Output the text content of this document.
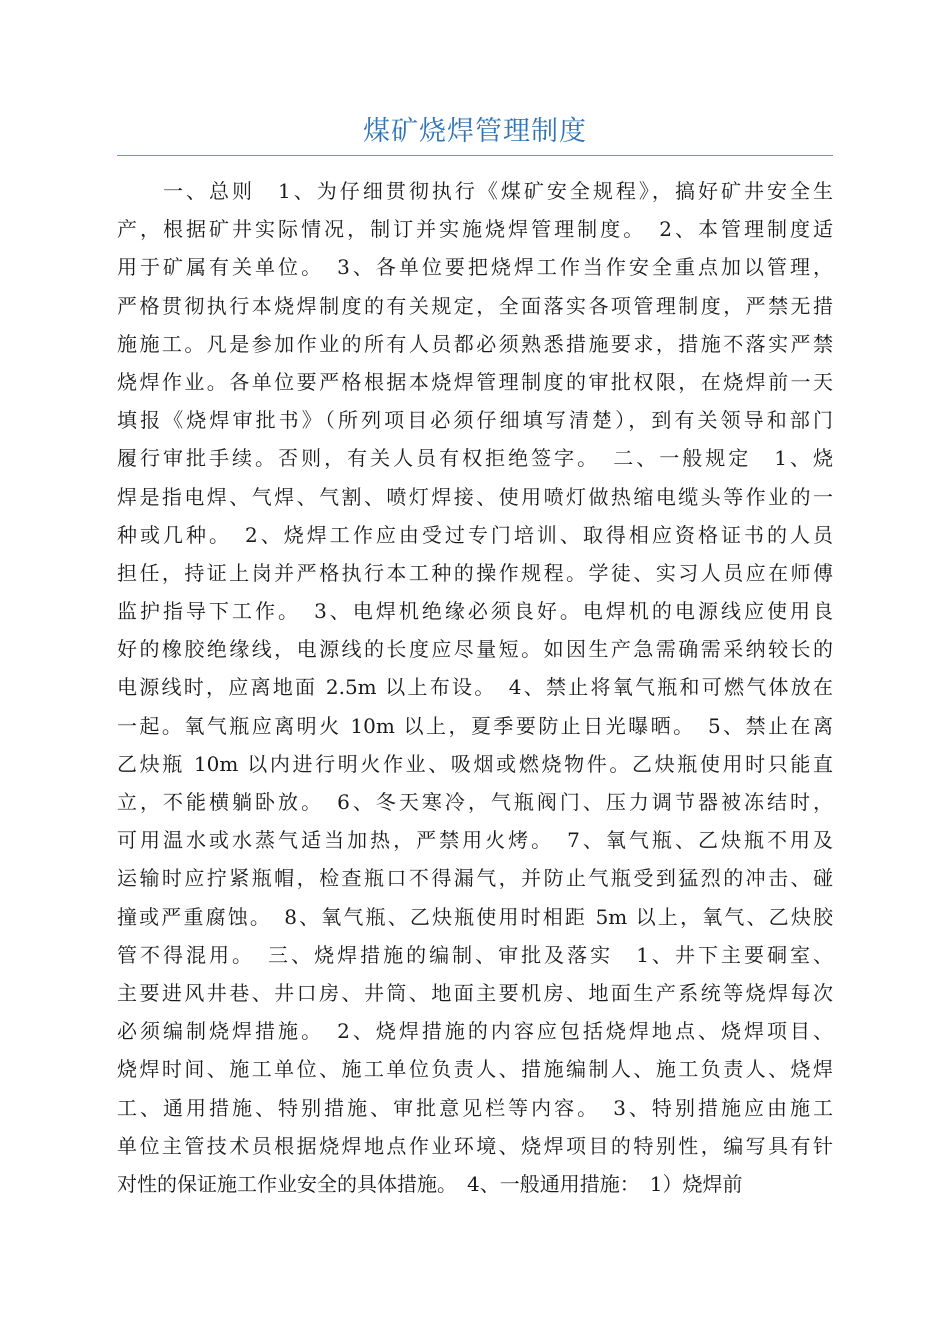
煤矿烧焊管理制度
　　一、总则　1、为仔细贯彻执行《煤矿安全规程》，搞好矿井安全生
产，根据矿井实际情况，制订并实施烧焊管理制度。　2、本管理制度适
用于矿属有关单位。　3、各单位要把烧焊工作当作安全重点加以管理，
严格贯彻执行本烧焊制度的有关规定，全面落实各项管理制度，严禁无措
施施工。凡是参加作业的所有人员都必须熟悉措施要求，措施不落实严禁
烧焊作业。各单位要严格根据本烧焊管理制度的审批权限，在烧焊前一天
填报《烧焊审批书》（所列项目必须仔细填写清楚），到有关领导和部门
履行审批手续。否则，有关人员有权拒绝签字。　二、一般规定　1、烧
焊是指电焊、气焊、气割、喷灯焊接、使用喷灯做热缩电缆头等作业的一
种或几种。　2、烧焊工作应由受过专门培训、取得相应资格证书的人员
担任，持证上岗并严格执行本工种的操作规程。学徒、实习人员应在师傅
监护指导下工作。　3、电焊机绝缘必须良好。电焊机的电源线应使用良
好的橡胶绝缘线，电源线的长度应尽量短。如因生产急需确需采纳较长的
电源线时，应离地面 2.5m 以上布设。　4、禁止将氧气瓶和可燃气体放在
一起。氧气瓶应离明火 10m 以上，夏季要防止日光曝晒。　5、禁止在离
乙炔瓶 10m 以内进行明火作业、吸烟或燃烧物件。乙炔瓶使用时只能直
立，不能横躺卧放。　6、冬天寒冷，气瓶阀门、压力调节器被冻结时，
可用温水或水蒸气适当加热，严禁用火烤。　7、氧气瓶、乙炔瓶不用及
运输时应拧紧瓶帽，检查瓶口不得漏气，并防止气瓶受到猛烈的冲击、碰
撞或严重腐蚀。　8、氧气瓶、乙炔瓶使用时相距 5m 以上，氧气、乙炔胶
管不得混用。　三、烧焊措施的编制、审批及落实　1、井下主要硐室、
主要进风井巷、井口房、井筒、地面主要机房、地面生产系统等烧焊每次
必须编制烧焊措施。　2、烧焊措施的内容应包括烧焊地点、烧焊项目、
烧焊时间、施工单位、施工单位负责人、措施编制人、施工负责人、烧焊
工、通用措施、特别措施、审批意见栏等内容。　3、特别措施应由施工
单位主管技术员根据烧焊地点作业环境、烧焊项目的特别性，编写具有针
对性的保证施工作业安全的具体措施。　4、一般通用措施：　1）烧焊前
